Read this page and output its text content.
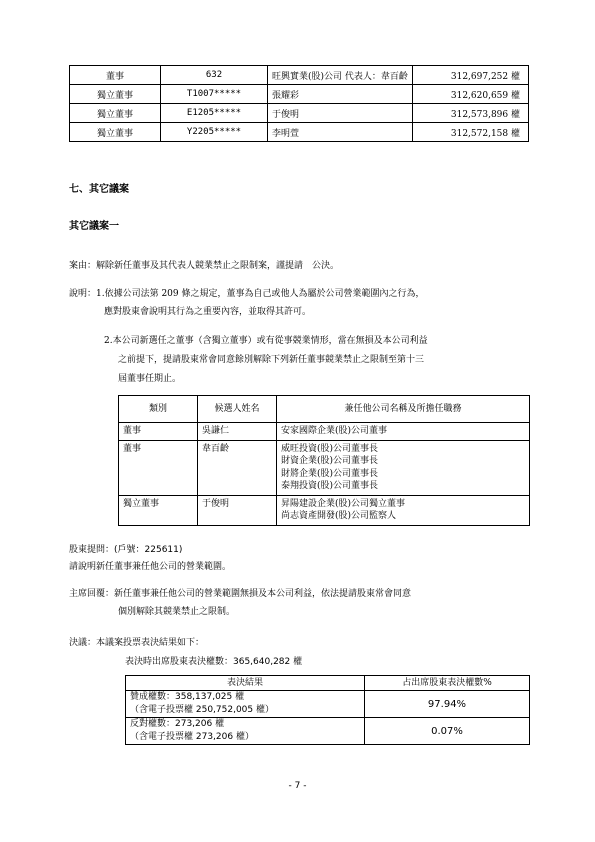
董事	632	旺興實業(股)公司 代表人：韋百齡	312,697,252 權
獨立董事	T1007*****	張耀彩	312,620,659 權
獨立董事	E1205*****	于俊明	312,573,896 權
獨立董事	Y2205*****	李明萱	312,572,158 權
七、其它議案
其它議案一
案由：解除新任董事及其代表人競業禁止之限制案，謹提請　公決。
說明： 1.依據公司法第 209 條之規定，董事為自己或他人為屬於公司營業範圍內之行為，
應對股東會說明其行為之重要內容，並取得其許可。
2.本公司新選任之董事（含獨立董事）或有從事競業情形，當在無損及本公司利益
之前提下，提請股東常會同意餘別解除下列新任董事競業禁止之限制至第十三
屆董事任期止。
類別	候選人姓名	兼任他公司名稱及所擔任職務
董事	吳謙仁	安家國際企業(股)公司董事

董事	韋百齡	威旺投資(股)公司董事長
財資企業(股)公司董事長
財將企業(股)公司董事長
泰翔投資(股)公司董事長

獨立董事	于俊明	昇陽建設企業(股)公司獨立董事
尚志資產開發(股)公司監察人
股東提問：(戶號：225611)
請說明新任董事兼任他公司的營業範圍。
主席回覆：新任董事兼任他公司的營業範圍無損及本公司利益，依法提請股東常會同意
個別解除其競業禁止之限制。
決議：本議案投票表決結果如下：
表決時出席股東表決權數：365,640,282 權
表決結果	占出席股東表決權數%

贊成權數：358,137,025 權
（含電子投票權 250,752,005 權）	97.94%

反對權數：273,206 權
（含電子投票權 273,206 權）	0.07%
- 7 -
